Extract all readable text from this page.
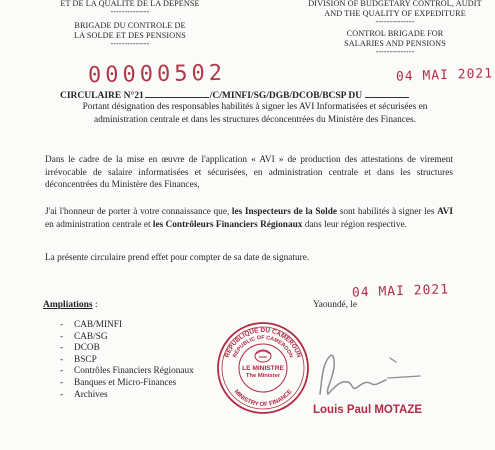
ET DE LA QUALITE DE LA DEPENSE
--------------
BRIGADE DU CONTROLE DE
LA SOLDE ET DES PENSIONS
--------------
DIVISION OF BUDGETARY CONTROL, AUDIT
AND THE QUALITY OF EXPEDITURE
--------------
CONTROL BRIGADE FOR
SALARIES AND PENSIONS
--------------
00000502	04 MAI 2021
CIRCULAIRE N°21	/C/MINFI/SG/DGB/DCOB/BCSP DU
Portant désignation des responsables habilités à signer les AVI Informatisées et sécurisées en administration centrale et dans les structures déconcentrées du Ministère des Finances.
Dans le cadre de la mise en œuvre de l'application « AVI » de production des attestations de virement irrévocable de salaire informatisées et sécurisées, en administration centrale et dans les structures déconcentrées du Ministère des Finances,
J'ai l'honneur de porter à votre connaissance que, les Inspecteurs de la Solde sont habilités à signer les AVI en administration centrale et les Contrôleurs Financiers Régionaux dans leur région respective.
La présente circulaire prend effet pour compter de sa date de signature.
04 MAI 2021
Yaoundé, le
Ampliations :
- CAB/MINFI
- CAB/SG
- DCOB
- BSCP
- Contrôles Financiers Régionaux
- Banques et Micro-Finances
- Archives
REPUBLIQUE DU CAMEROUN
REPUBLIC OF CAMEROON
MINISTRY OF FINANCE
LE MINISTRE
The Minister
Louis Paul MOTAZE
